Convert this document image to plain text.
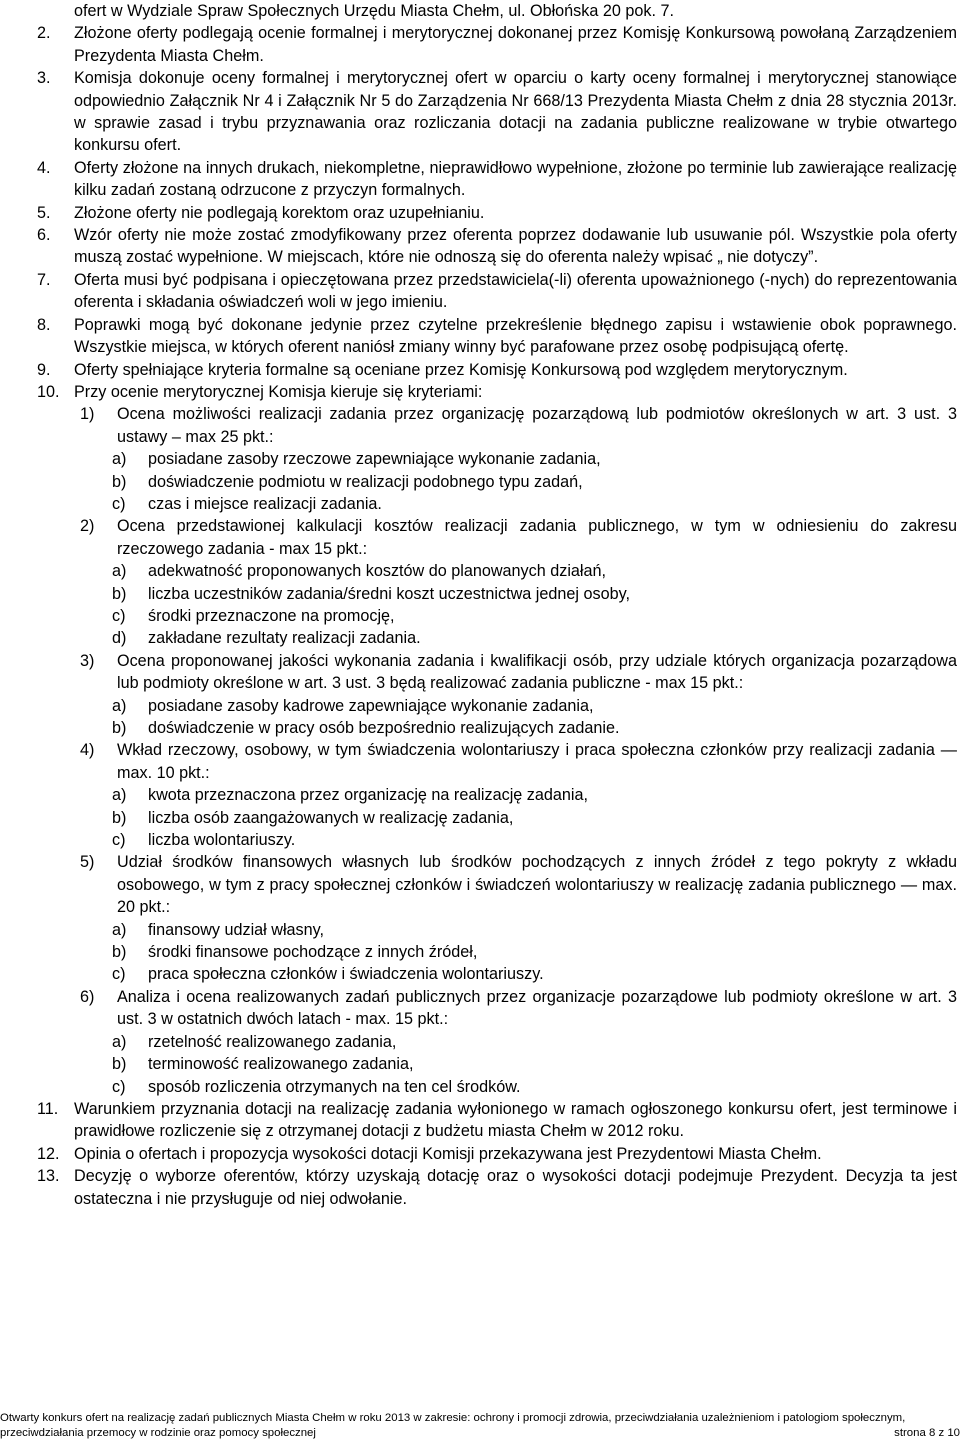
ofert w Wydziale Spraw Społecznych Urzędu Miasta Chełm, ul. Obłońska 20 pok. 7.
2. Złożone oferty podlegają ocenie formalnej i merytorycznej dokonanej przez Komisję Konkursową powołaną Zarządzeniem Prezydenta Miasta Chełm.
3. Komisja dokonuje oceny formalnej i merytorycznej ofert w oparciu o karty oceny formalnej i merytorycznej stanowiące odpowiednio Załącznik Nr 4 i Załącznik Nr 5 do Zarządzenia Nr 668/13 Prezydenta Miasta Chełm z dnia 28 stycznia 2013r. w sprawie zasad i trybu przyznawania oraz rozliczania dotacji na zadania publiczne realizowane w trybie otwartego konkursu ofert.
4. Oferty złożone na innych drukach, niekompletne, nieprawidłowo wypełnione, złożone po terminie lub zawierające realizację kilku zadań zostaną odrzucone z przyczyn formalnych.
5. Złożone oferty nie podlegają korektom oraz uzupełnianiu.
6. Wzór oferty nie może zostać zmodyfikowany przez oferenta poprzez dodawanie lub usuwanie pól. Wszystkie pola oferty muszą zostać wypełnione. W miejscach, które nie odnoszą się do oferenta należy wpisać „ nie dotyczy”.
7. Oferta musi być podpisana i opieczętowana przez przedstawiciela(-li) oferenta upoważnionego (-nych) do reprezentowania oferenta i składania oświadczeń woli w jego imieniu.
8. Poprawki mogą być dokonane jedynie przez czytelne przekreślenie błędnego zapisu i wstawienie obok poprawnego. Wszystkie miejsca, w których oferent naniósł zmiany winny być parafowane przez osobę podpisującą ofertę.
9. Oferty spełniające kryteria formalne są oceniane przez Komisję Konkursową pod względem merytorycznym.
10. Przy ocenie merytorycznej Komisja kieruje się kryteriami:
1) Ocena możliwości realizacji zadania przez organizację pozarządową lub podmiotów określonych w art. 3 ust. 3 ustawy – max 25 pkt.:
a) posiadane zasoby rzeczowe zapewniające wykonanie zadania,
b) doświadczenie podmiotu w realizacji podobnego typu zadań,
c) czas i miejsce realizacji zadania.
2) Ocena przedstawionej kalkulacji kosztów realizacji zadania publicznego, w tym w odniesieniu do zakresu rzeczowego zadania - max 15 pkt.:
a) adekwatność proponowanych kosztów do planowanych działań,
b) liczba uczestników zadania/średni koszt uczestnictwa jednej osoby,
c) środki przeznaczone na promocję,
d) zakładane rezultaty realizacji zadania.
3) Ocena proponowanej jakości wykonania zadania i kwalifikacji osób, przy udziale których organizacja pozarządowa lub podmioty określone w art. 3 ust. 3 będą realizować zadania publiczne - max 15 pkt.:
a) posiadane zasoby kadrowe zapewniające wykonanie zadania,
b) doświadczenie w pracy osób bezpośrednio realizujących zadanie.
4) Wkład rzeczowy, osobowy, w tym świadczenia wolontariuszy i praca społeczna członków przy realizacji zadania — max. 10 pkt.:
a) kwota przeznaczona przez organizację na realizację zadania,
b) liczba osób zaangażowanych w realizację zadania,
c) liczba wolontariuszy.
5) Udział środków finansowych własnych lub środków pochodzących z innych źródeł z tego pokryty z wkładu osobowego, w tym z pracy społecznej członków i świadczeń wolontariuszy w realizację zadania publicznego — max. 20 pkt.:
a) finansowy udział własny,
b) środki finansowe pochodzące z innych źródeł,
c) praca społeczna członków i świadczenia wolontariuszy.
6) Analiza i ocena realizowanych zadań publicznych przez organizacje pozarządowe lub podmioty określone w art. 3 ust. 3 w ostatnich dwóch latach - max. 15 pkt.:
a) rzetelność realizowanego zadania,
b) terminowość realizowanego zadania,
c) sposób rozliczenia otrzymanych na ten cel środków.
11. Warunkiem przyznania dotacji na realizację zadania wyłonionego w ramach ogłoszonego konkursu ofert, jest terminowe i prawidłowe rozliczenie się z otrzymanej dotacji z budżetu miasta Chełm w 2012 roku.
12. Opinia o ofertach i propozycja wysokości dotacji Komisji przekazywana jest Prezydentowi Miasta Chełm.
13. Decyzję o wyborze oferentów, którzy uzyskają dotację oraz o wysokości dotacji podejmuje Prezydent. Decyzja ta jest ostateczna i nie przysługuje od niej odwołanie.
Otwarty konkurs ofert na realizację zadań publicznych Miasta Chełm w roku 2013 w zakresie: ochrony i promocji zdrowia, przeciwdziałania uzależnieniom i patologiom społecznym,
przeciwdziałania przemocy w rodzinie oraz pomocy społecznej	strona 8 z 10
